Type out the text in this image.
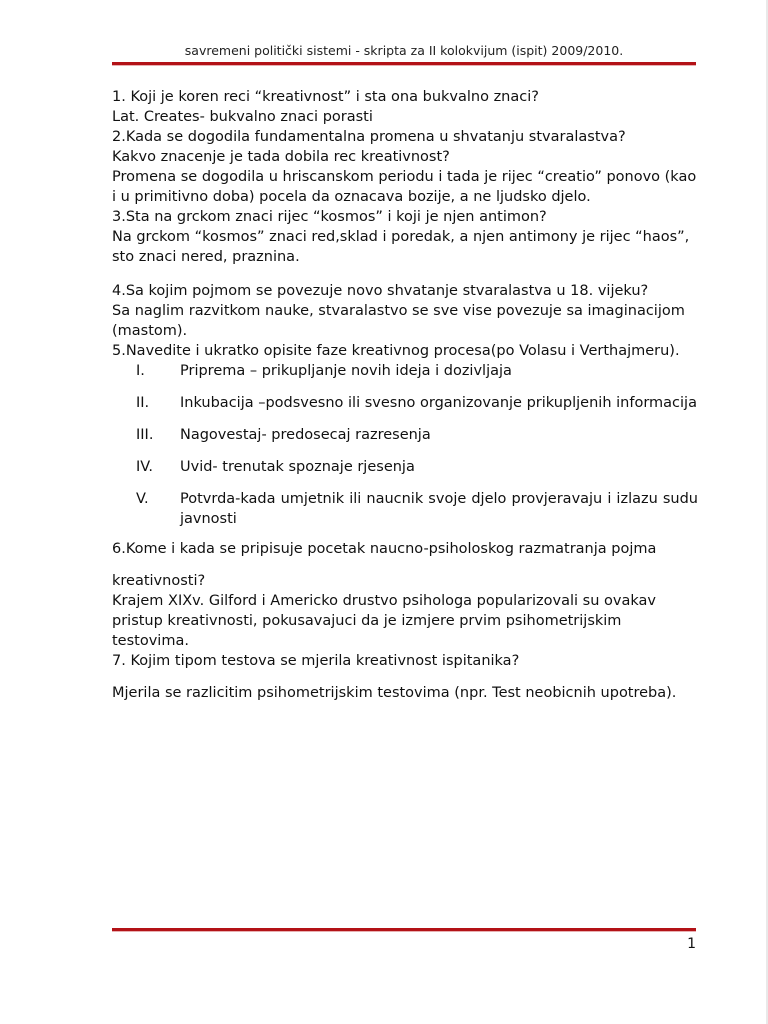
savremeni politički sistemi - skripta za II kolokvijum (ispit) 2009/2010.

1. Koji je koren reci “kreativnost” i sta ona bukvalno znaci?

Lat. Creates- bukvalno znaci porasti

2.Kada se dogodila fundamentalna promena u shvatanju stvaralastva?

Kakvo znacenje je tada dobila rec kreativnost?

Promena se dogodila u hriscanskom periodu i tada je rijec “creatio” ponovo (kao i u primitivno doba) pocela da oznacava bozije, a ne ljudsko djelo.

3.Sta na grckom znaci rijec “kosmos” i koji je njen antimon?

Na grckom “kosmos” znaci red,sklad i poredak, a njen antimony je rijec “haos”, sto znaci nered, praznina.

4.Sa kojim pojmom se povezuje novo shvatanje stvaralastva u 18. vijeku?

Sa naglim razvitkom nauke, stvaralastvo se sve vise povezuje sa imaginacijom (mastom).

5.Navedite i ukratko opisite faze kreativnog procesa(po Volasu i Verthajmeru).

I.	Priprema – prikupljanje novih ideja i dozivljaja
II.	Inkubacija –podsvesno ili svesno organizovanje prikupljenih informacija
III.	Nagovestaj- predosecaj razresenja
IV.	Uvid- trenutak spoznaje rjesenja
V.	Potvrda-kada umjetnik ili naucnik svoje djelo provjeravaju i izlazu sudu javnosti

6.Kome i kada se pripisuje pocetak naucno-psiholoskog razmatranja pojma

kreativnosti?

Krajem XIXv. Gilford i Americko drustvo psihologa popularizovali su ovakav pristup kreativnosti, pokusavajuci da je izmjere prvim psihometrijskim testovima.

7. Kojim tipom testova se mjerila kreativnost ispitanika?

Mjerila se razlicitim psihometrijskim testovima (npr. Test neobicnih upotreba).

1
